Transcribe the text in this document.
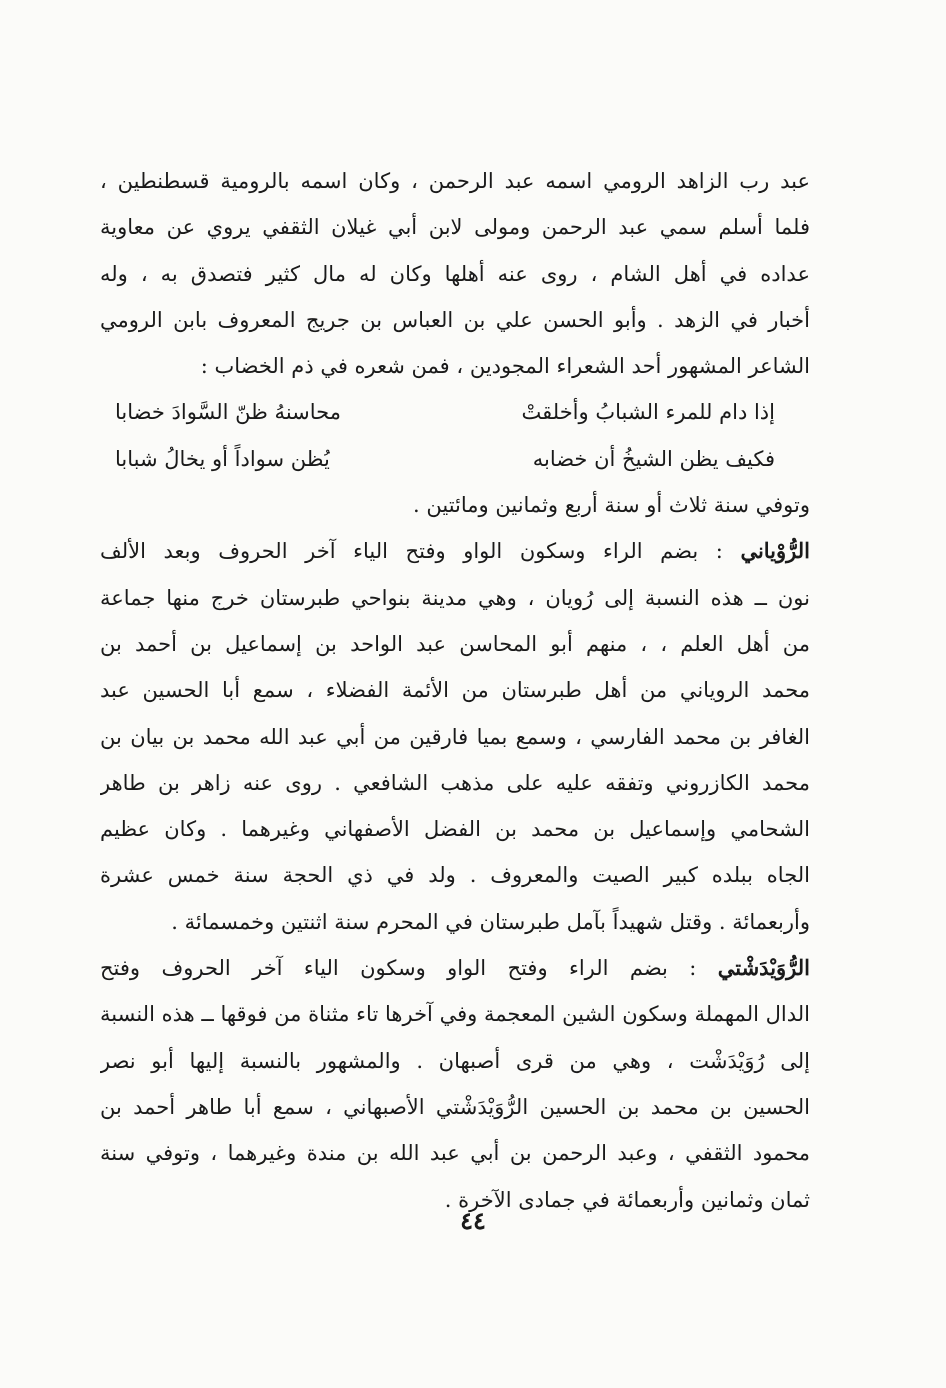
عبد رب الزاهد الرومي اسمه عبد الرحمن ، وكان اسمه بالرومية قسطنطين ،
فلما أسلم سمي عبد الرحمن ومولى لابن أبي غيلان الثقفي يروي عن معاوية
عداده في أهل الشام ، روى عنه أهلها وكان له مال كثير فتصدق به ، وله
أخبار في الزهد . وأبو الحسن علي بن العباس بن جريج المعروف بابن الرومي
الشاعر المشهور أحد الشعراء المجودين ، فمن شعره في ذم الخضاب :
إذا دام للمرء الشبابُ وأخلقتْ
محاسنهُ ظنّ السَّوادَ خضابا
فكيف يظن الشيخُ أن خضابه
يُظن سواداً أو يخالُ شبابا
وتوفي سنة ثلاث أو سنة أربع وثمانين ومائتين .
الرُّوْياني : بضم الراء وسكون الواو وفتح الياء آخر الحروف وبعد الألف
نون ــ هذه النسبة إلى رُويان ، وهي مدينة بنواحي طبرستان خرج منها جماعة
من أهل العلم ، ، منهم أبو المحاسن عبد الواحد بن إسماعيل بن أحمد بن
محمد الروياني من أهل طبرستان من الأئمة الفضلاء ، سمع أبا الحسين عبد
الغافر بن محمد الفارسي ، وسمع بميا فارقين من أبي عبد الله محمد بن بيان بن
محمد الكازروني وتفقه عليه على مذهب الشافعي . روى عنه زاهر بن طاهر
الشحامي وإسماعيل بن محمد بن الفضل الأصفهاني وغيرهما . وكان عظيم
الجاه ببلده كبير الصيت والمعروف . ولد في ذي الحجة سنة خمس عشرة
وأربعمائة . وقتل شهيداً بآمل طبرستان في المحرم سنة اثنتين وخمسمائة .
الرُّوَيْدَشْتي : بضم الراء وفتح الواو وسكون الياء آخر الحروف وفتح
الدال المهملة وسكون الشين المعجمة وفي آخرها تاء مثناة من فوقها ــ هذه النسبة
إلى رُوَيْدَشْت ، وهي من قرى أصبهان . والمشهور بالنسبة إليها أبو نصر
الحسين بن محمد بن الحسين الرُّوَيْدَشْتي الأصبهاني ، سمع أبا طاهر أحمد بن
محمود الثقفي ، وعبد الرحمن بن أبي عبد الله بن مندة وغيرهما ، وتوفي سنة
ثمان وثمانين وأربعمائة في جمادى الآخرة .
٤٤
